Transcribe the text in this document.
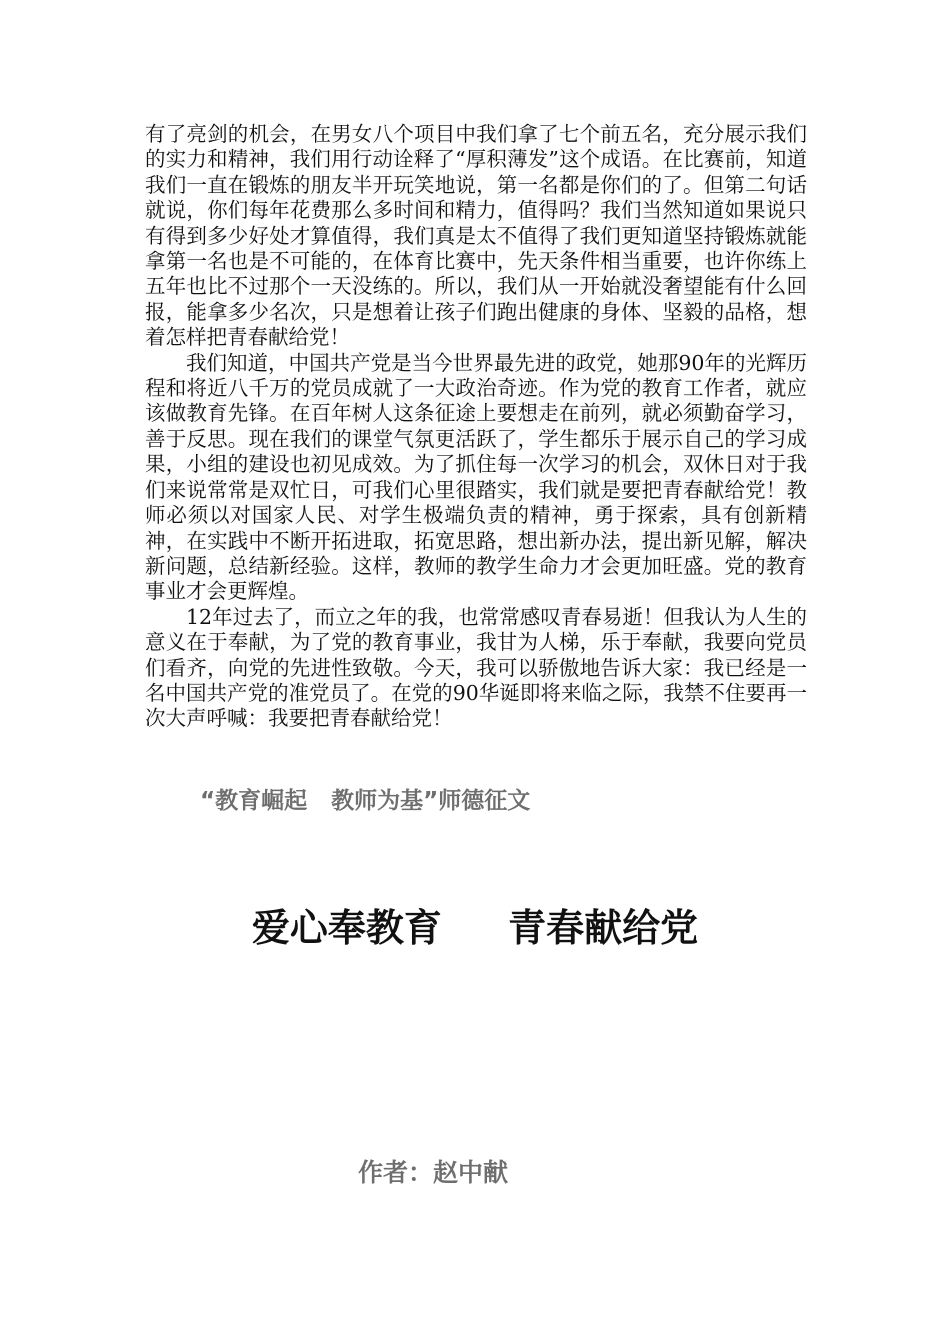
有了亮剑的机会，在男女八个项目中我们拿了七个前五名，充分展示我们的实力和精神，我们用行动诠释了“厚积薄发”这个成语。在比赛前，知道我们一直在锻炼的朋友半开玩笑地说，第一名都是你们的了。但第二句话就说，你们每年花费那么多时间和精力，值得吗？我们当然知道如果说只有得到多少好处才算值得，我们真是太不值得了我们更知道坚持锻炼就能拿第一名也是不可能的，在体育比赛中，先天条件相当重要，也许你练上五年也比不过那个一天没练的。所以，我们从一开始就没奢望能有什么回报，能拿多少名次，只是想着让孩子们跑出健康的身体、坚毅的品格，想着怎样把青春献给党！

我们知道，中国共产党是当今世界最先进的政党，她那90年的光辉历程和将近八千万的党员成就了一大政治奇迹。作为党的教育工作者，就应该做教育先锋。在百年树人这条征途上要想走在前列，就必须勤奋学习，善于反思。现在我们的课堂气氛更活跃了，学生都乐于展示自己的学习成果，小组的建设也初见成效。为了抓住每一次学习的机会，双休日对于我们来说常常是双忙日，可我们心里很踏实，我们就是要把青春献给党！教师必须以对国家人民、对学生极端负责的精神，勇于探索，具有创新精神，在实践中不断开拓进取，拓宽思路，想出新办法，提出新见解，解决新问题，总结新经验。这样，教师的教学生命力才会更加旺盛。党的教育事业才会更辉煌。

12年过去了，而立之年的我，也常常感叹青春易逝！但我认为人生的意义在于奉献，为了党的教育事业，我甘为人梯，乐于奉献，我要向党员们看齐，向党的先进性致敬。今天，我可以骄傲地告诉大家：我已经是一名中国共产党的准党员了。在党的90华诞即将来临之际，我禁不住要再一次大声呼喊：我要把青春献给党！

“教育崛起   教师为基”师德征文
爱心奉教育     青春献给党
作者：赵中献
